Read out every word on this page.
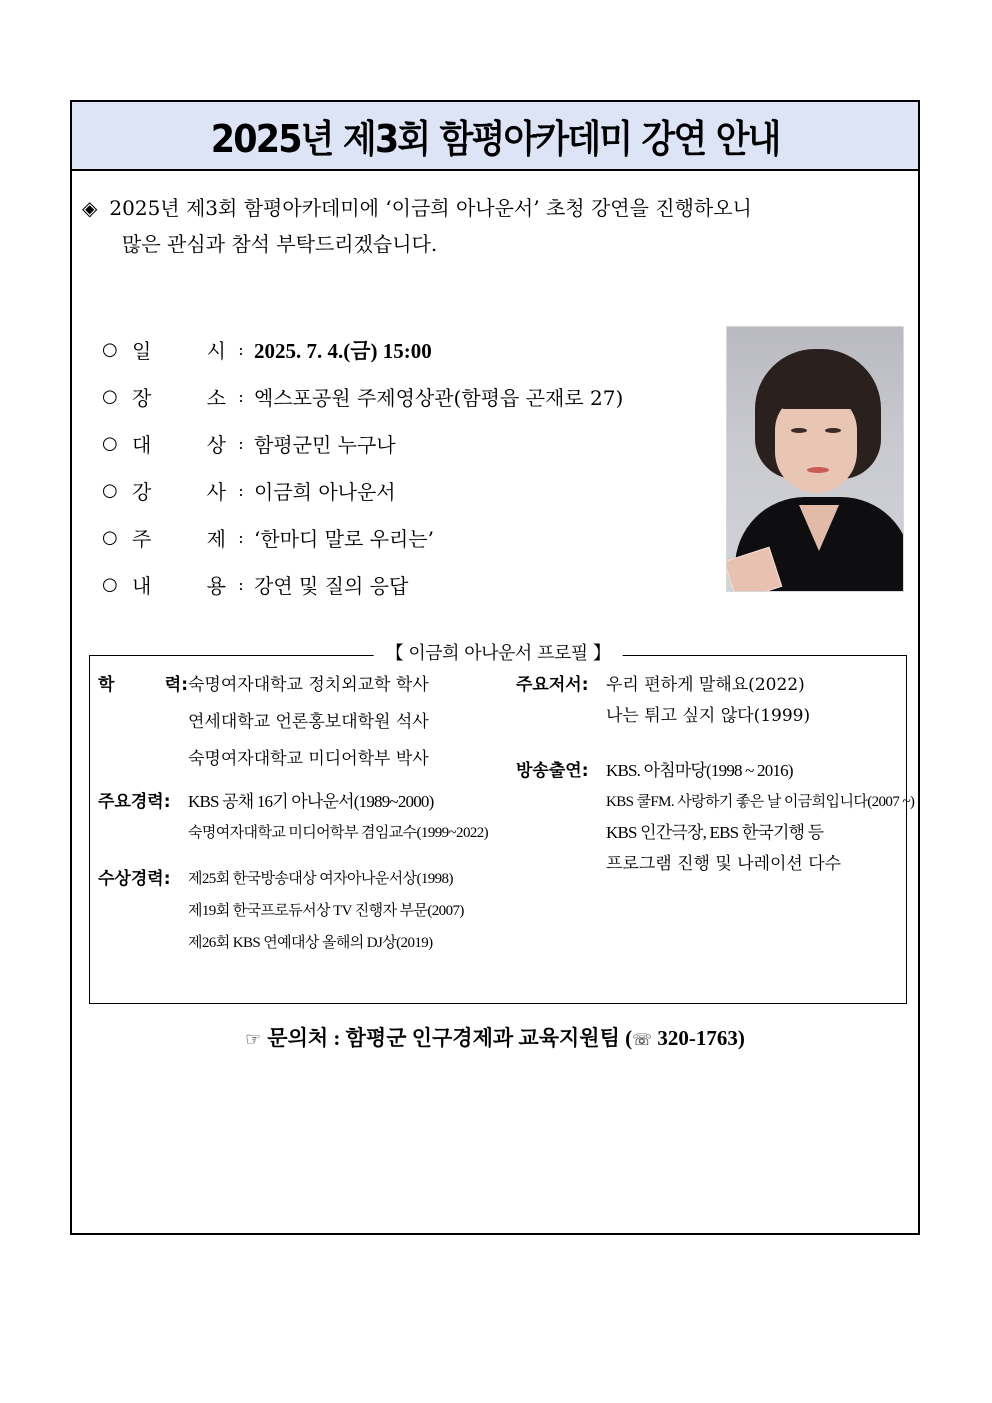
2025년 제3회 함평아카데미 강연 안내
◈ 2025년 제3회 함평아카데미에 ‘이금희 아나운서’ 초청 강연을 진행하오니
많은 관심과 참석 부탁드리겠습니다.
○ 일	시 : 2025. 7. 4.(금) 15:00
○ 장	소 : 엑스포공원 주제영상관(함평읍 곤재로 27)
○ 대	상 : 함평군민 누구나
○ 강	사 : 이금희 아나운서
○ 주	제 : ‘한마디 말로 우리는’
○ 내	용 : 강연 및 질의 응답
【 이금희 아나운서 프로필 】
학	력: 숙명여자대학교 정치외교학 학사
연세대학교 언론홍보대학원 석사
숙명여자대학교 미디어학부 박사
주요경력:	KBS 공채 16기 아나운서(1989~2000)
숙명여자대학교 미디어학부 겸임교수(1999~2022)
수상경력:	제25회 한국방송대상 여자아나운서상(1998)
제19회 한국프로듀서상 TV 진행자 부문(2007)
제26회 KBS 연예대상 올해의 DJ상(2019)
주요저서:	우리 편하게 말해요(2022)
나는 튀고 싶지 않다(1999)
방송출연:	KBS. 아침마당(1998 ~ 2016)
KBS 쿨FM. 사랑하기 좋은 날 이금희입니다(2007 ~)
KBS 인간극장, EBS 한국기행 등
프로그램 진행 및 나레이션 다수
☞ 문의처 : 함평군 인구경제과 교육지원팀 (☏ 320-1763)
